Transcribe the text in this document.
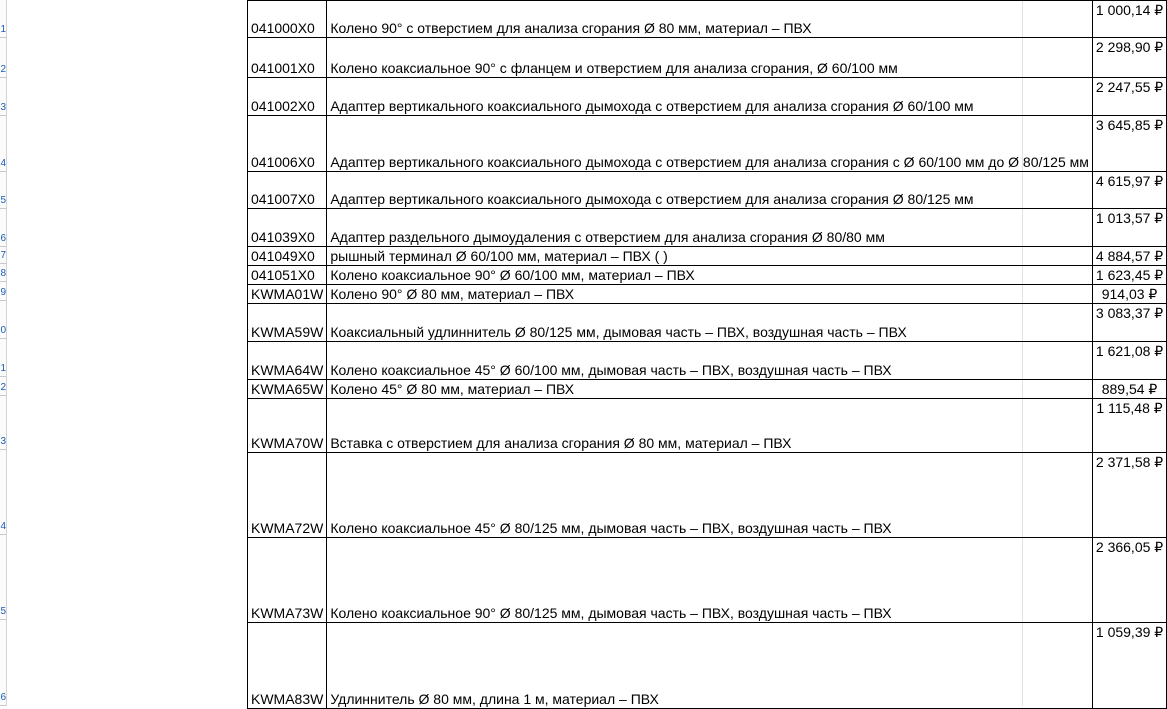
1
2
3
4
5
6
7
8
9
0
1
2
3
4
5
6
041000X0	Колено 90° с отверстием для анализа сгорания Ø 80 мм, материал – ПВХ	1 000,14 ₽
041001X0	Колено коаксиальное 90° с фланцем и отверстием для анализа сгорания, Ø 60/100 мм	2 298,90 ₽
041002X0	Адаптер вертикального коаксиального дымохода с отверстием для анализа сгорания Ø 60/100 мм	2 247,55 ₽
041006X0	Адаптер вертикального коаксиального дымохода с отверстием для анализа сгорания с Ø 60/100 мм до Ø 80/125 мм	3 645,85 ₽
041007X0	Адаптер вертикального коаксиального дымохода с отверстием для анализа сгорания Ø 80/125 мм	4 615,97 ₽
041039X0	Адаптер раздельного дымоудаления с отверстием для анализа сгорания Ø 80/80 мм	1 013,57 ₽
041049X0	рышный терминал Ø 60/100 мм, материал – ПВХ ( )	4 884,57 ₽
041051X0	Колено коаксиальное 90° Ø 60/100 мм, материал – ПВХ	1 623,45 ₽
KWMA01W	Колено 90° Ø 80 мм, материал – ПВХ	914,03 ₽
KWMA59W	Коаксиальный удлиннитель Ø 80/125 мм, дымовая часть – ПВХ, воздушная часть – ПВХ	3 083,37 ₽
KWMA64W	Колено коаксиальное 45° Ø 60/100 мм, дымовая часть – ПВХ, воздушная часть – ПВХ	1 621,08 ₽
KWMA65W	Колено 45° Ø 80 мм, материал – ПВХ	889,54 ₽
KWMA70W	Вставка с отверстием для анализа сгорания Ø 80 мм, материал – ПВХ	1 115,48 ₽
KWMA72W	Колено коаксиальное 45° Ø 80/125 мм, дымовая часть – ПВХ, воздушная часть – ПВХ	2 371,58 ₽
KWMA73W	Колено коаксиальное 90° Ø 80/125 мм, дымовая часть – ПВХ, воздушная часть – ПВХ	2 366,05 ₽
KWMA83W	Удлиннитель Ø 80 мм, длина 1 м, материал – ПВХ	1 059,39 ₽
